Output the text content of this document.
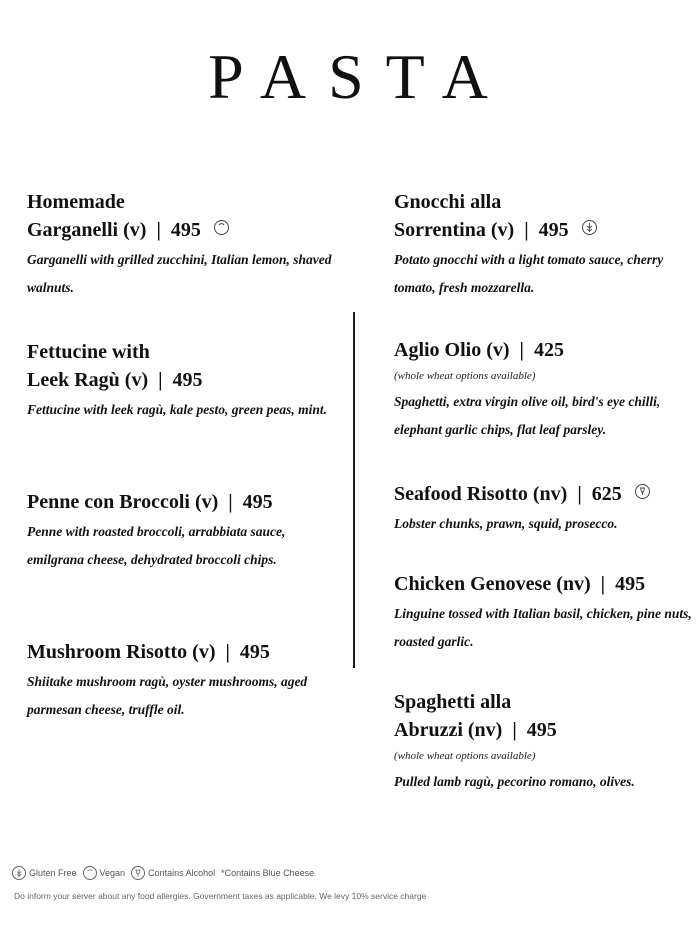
PASTA
Homemade
Garganelli (v) | 495
Garganelli with grilled zucchini, Italian lemon, shaved walnuts.
Fettucine with
Leek Ragù (v) | 495
Fettucine with leek ragù, kale pesto, green peas, mint.
Penne con Broccoli (v) | 495
Penne with roasted broccoli, arrabbiata sauce, emilgrana cheese, dehydrated broccoli chips.
Mushroom Risotto (v) | 495
Shiitake mushroom ragù, oyster mushrooms, aged parmesan cheese, truffle oil.
Gnocchi alla
Sorrentina (v) | 495
Potato gnocchi with a light tomato sauce, cherry tomato, fresh mozzarella.
Aglio Olio (v) | 425
(whole wheat options available)
Spaghetti, extra virgin olive oil, bird's eye chilli, elephant garlic chips, flat leaf parsley.
Seafood Risotto (nv) | 625
Lobster chunks, prawn, squid, prosecco.
Chicken Genovese (nv) | 495
Linguine tossed with Italian basil, chicken, pine nuts, roasted garlic.
Spaghetti alla
Abruzzi (nv) | 495
(whole wheat options available)
Pulled lamb ragù, pecorino romano, olives.
Gluten Free	Vegan	Contains Alcohol *Contains Blue Cheese
Do inform your server about any food allergies. Government taxes as applicable. We levy 10% service charge
